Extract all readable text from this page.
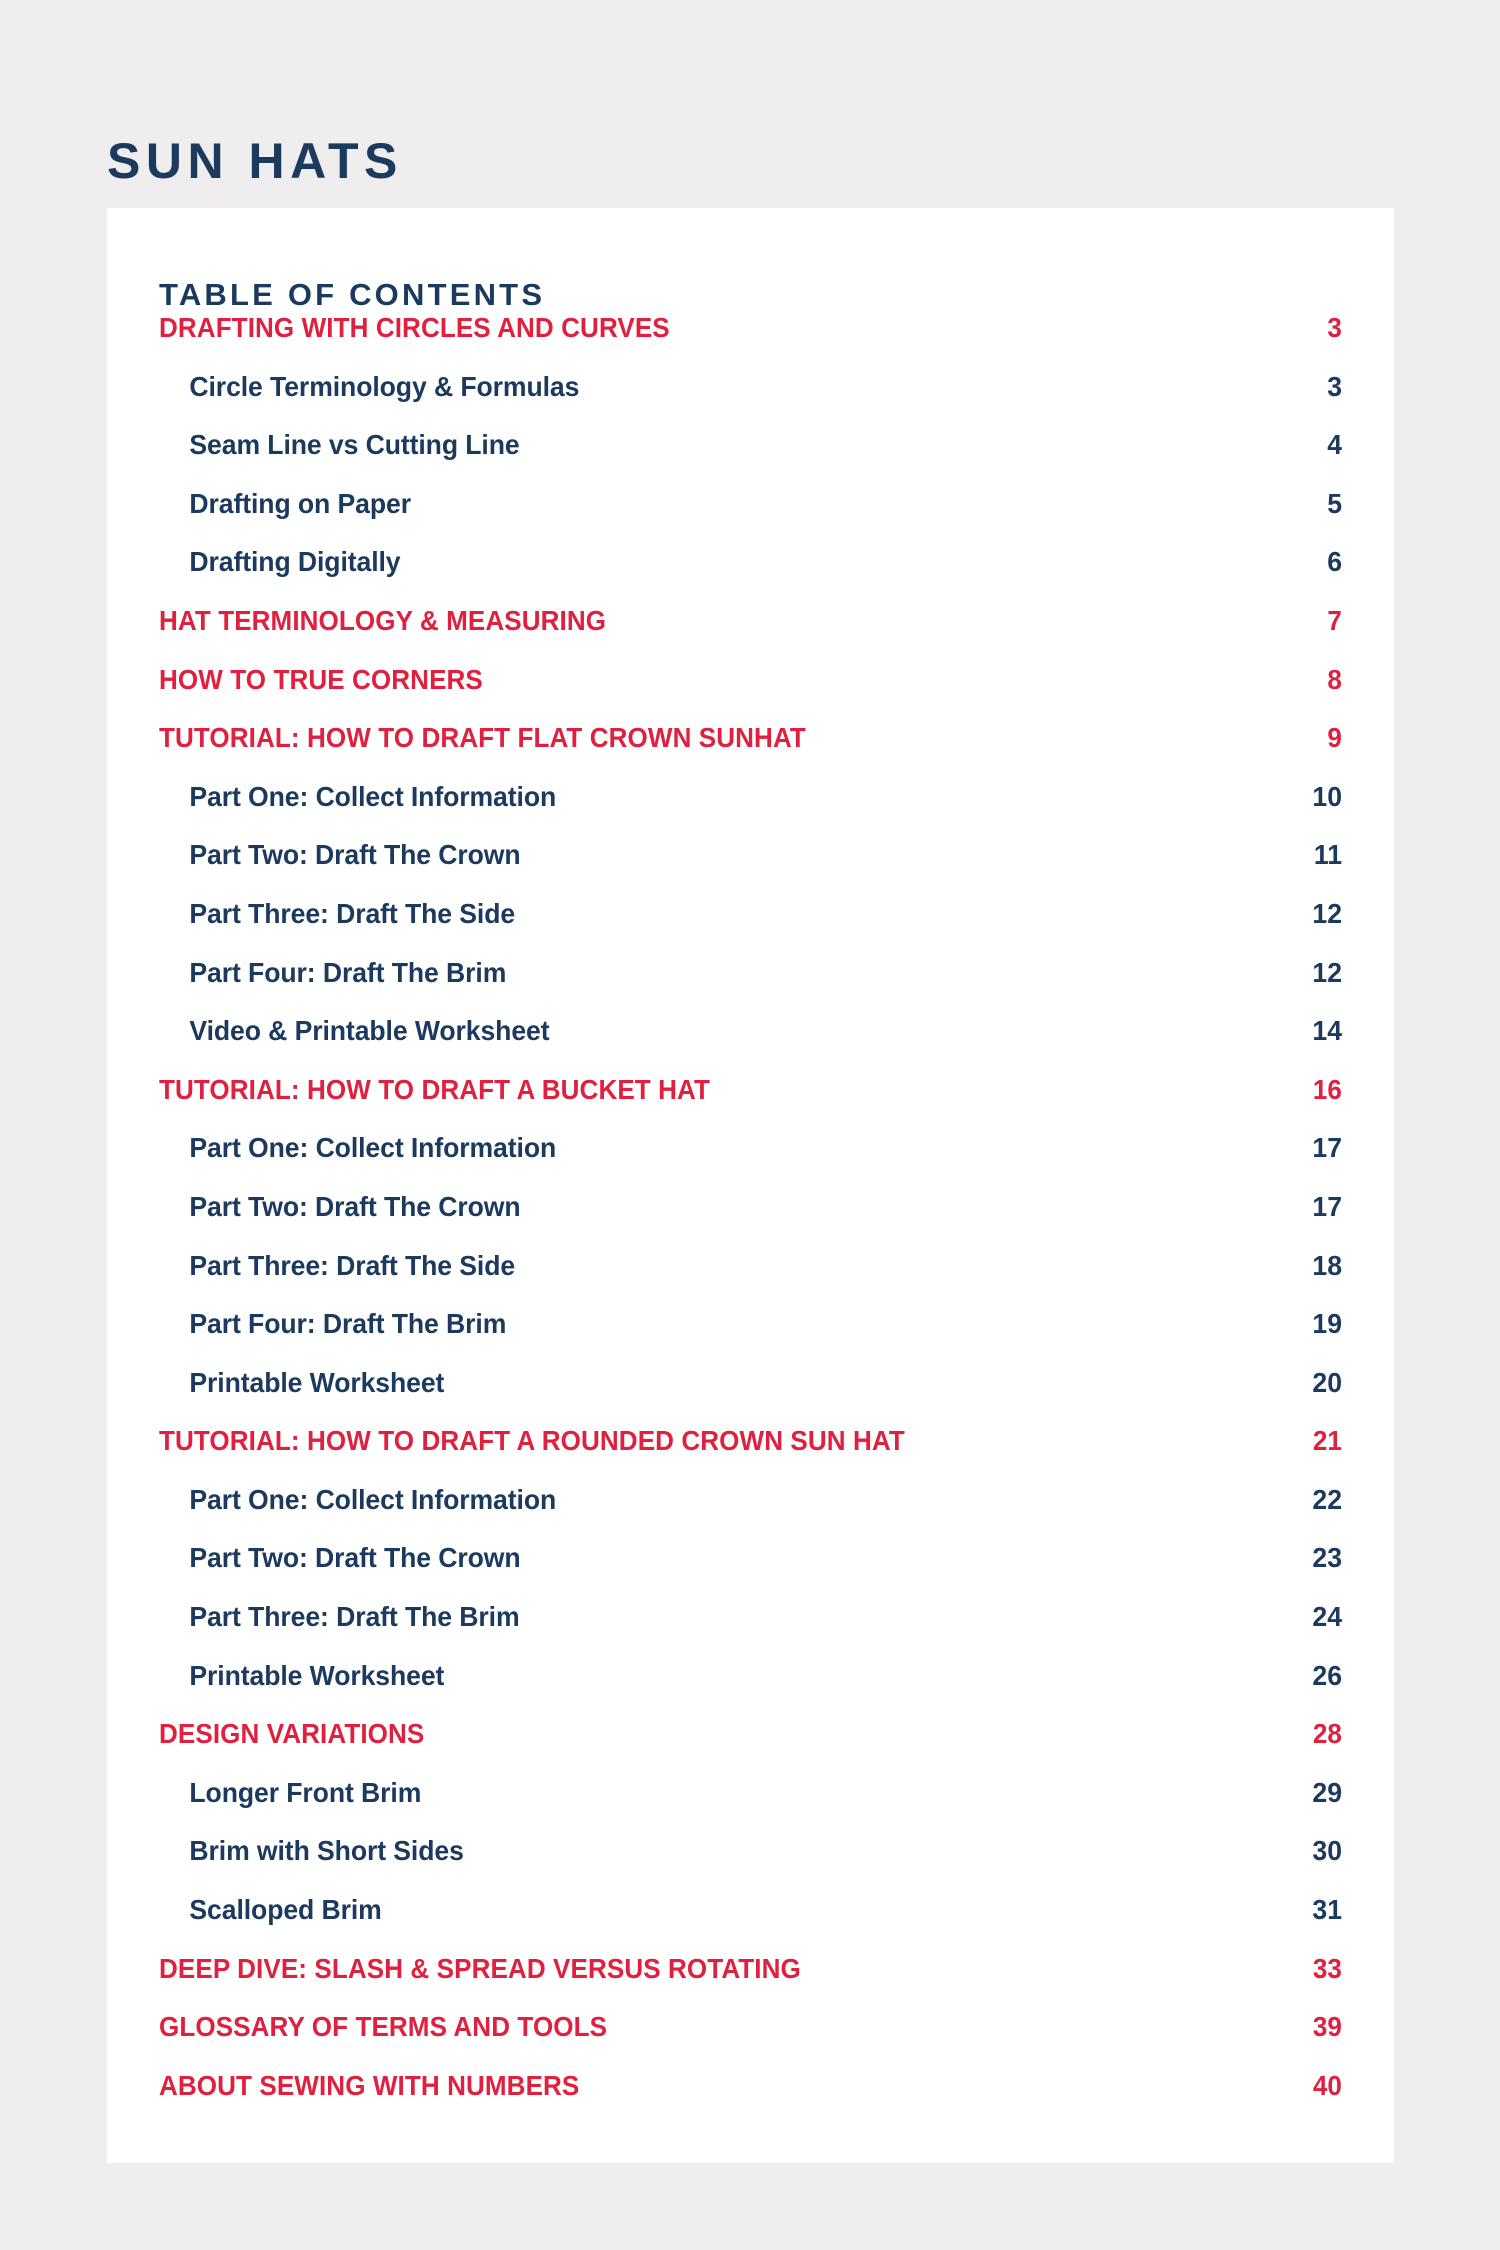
SUN HATS
TABLE OF CONTENTS
DRAFTING WITH CIRCLES AND CURVES	3
Circle Terminology & Formulas	3
Seam Line vs Cutting Line	4
Drafting on Paper	5
Drafting Digitally	6
HAT TERMINOLOGY & MEASURING	7
HOW TO TRUE CORNERS	8
TUTORIAL: HOW TO DRAFT FLAT CROWN SUNHAT	9
Part One: Collect Information	10
Part Two: Draft The Crown	11
Part Three: Draft The Side	12
Part Four: Draft The Brim	12
Video & Printable Worksheet	14
TUTORIAL: HOW TO DRAFT A BUCKET HAT	16
Part One: Collect Information	17
Part Two: Draft The Crown	17
Part Three: Draft The Side	18
Part Four: Draft The Brim	19
Printable Worksheet	20
TUTORIAL: HOW TO DRAFT A ROUNDED CROWN SUN HAT	21
Part One: Collect Information	22
Part Two: Draft The Crown	23
Part Three: Draft The Brim	24
Printable Worksheet	26
DESIGN VARIATIONS	28
Longer Front Brim	29
Brim with Short Sides	30
Scalloped Brim	31
DEEP DIVE: SLASH & SPREAD VERSUS ROTATING	33
GLOSSARY OF TERMS AND TOOLS	39
ABOUT SEWING WITH NUMBERS	40
